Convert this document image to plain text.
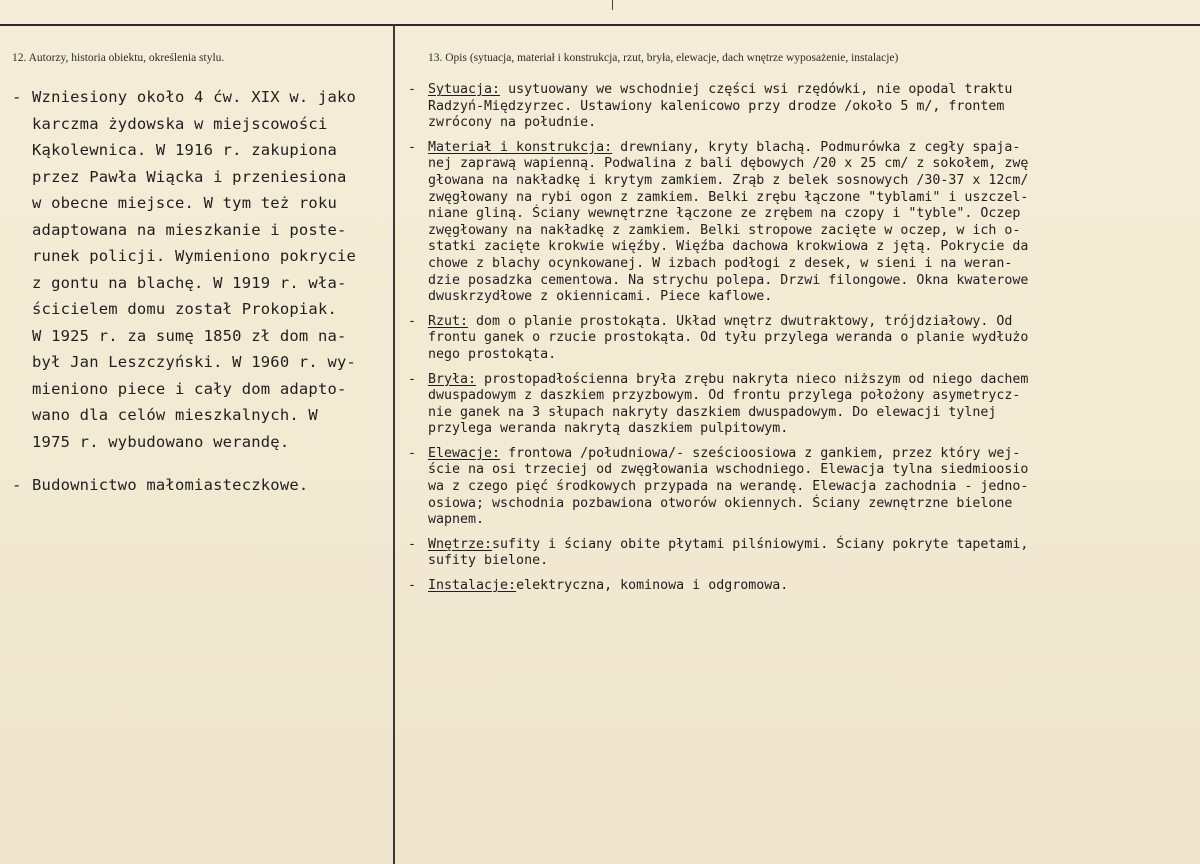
12. Autorzy, historia obiektu, określenia stylu.	13. Opis (sytuacja, materiał i konstrukcja, rzut, bryła, elewacje, dach wnętrze wyposażenie, instalacje)
- Wzniesiony około 4 ćw. XIX w. jako
karczma żydowska w miejscowości
Kąkolewnica. W 1916 r. zakupiona
przez Pawła Wiącka i przeniesiona
w obecne miejsce. W tym też roku
adaptowana na mieszkanie i poste-
runek policji. Wymieniono pokrycie
z gontu na blachę. W 1919 r. wła-
ścicielem domu został Prokopiak.
W 1925 r. za sumę 1850 zł dom na-
był Jan Leszczyński. W 1960 r. wy-
mieniono piece i cały dom adapto-
wano dla celów mieszkalnych. W
1975 r. wybudowano werandę.
- Budownictwo małomiasteczkowe.
- Sytuacja: usytuowany we wschodniej części wsi rzędówki, nie opodal traktu
Radzyń-Międzyrzec. Ustawiony kalenicowo przy drodze /około 5 m/, frontem
zwrócony na południe.
- Materiał i konstrukcja: drewniany, kryty blachą. Podmurówka z cegły spaja-
nej zaprawą wapienną. Podwalina z bali dębowych /20 x 25 cm/ z sokołem, zwę
głowana na nakładkę i krytym zamkiem. Zrąb z belek sosnowych /30-37 x 12cm/
zwęgłowany na rybi ogon z zamkiem. Belki zrębu łączone "tyblami" i uszczel-
niane gliną. Ściany wewnętrzne łączone ze zrębem na czopy i "tyble". Oczep
zwęgłowany na nakładkę z zamkiem. Belki stropowe zacięte w oczep, w ich o-
statki zacięte krokwie więźby. Więźba dachowa krokwiowa z jętą. Pokrycie da
chowe z blachy ocynkowanej. W izbach podłogi z desek, w sieni i na weran-
dzie posadzka cementowa. Na strychu polepa. Drzwi filongowe. Okna kwaterowe
dwuskrzydłowe z okiennicami. Piece kaflowe.
- Rzut: dom o planie prostokąta. Układ wnętrz dwutraktowy, trójdziałowy. Od
frontu ganek o rzucie prostokąta. Od tyłu przylega weranda o planie wydłużo
nego prostokąta.
- Bryła: prostopadłościenna bryła zrębu nakryta nieco niższym od niego dachem
dwuspadowym z daszkiem przyzbowym. Od frontu przylega położony asymetrycz-
nie ganek na 3 słupach nakryty daszkiem dwuspadowym. Do elewacji tylnej
przylega weranda nakrytą daszkiem pulpitowym.
- Elewacje: frontowa /południowa/- sześcioosiowa z gankiem, przez który wej-
ście na osi trzeciej od zwęgłowania wschodniego. Elewacja tylna siedmioosio
wa z czego pięć środkowych przypada na werandę. Elewacja zachodnia - jedno-
osiowa; wschodnia pozbawiona otworów okiennych. Ściany zewnętrzne bielone
wapnem.
- Wnętrze:sufity i ściany obite płytami pilśniowymi. Ściany pokryte tapetami,
sufity bielone.
- Instalacje:elektryczna, kominowa i odgromowa.
